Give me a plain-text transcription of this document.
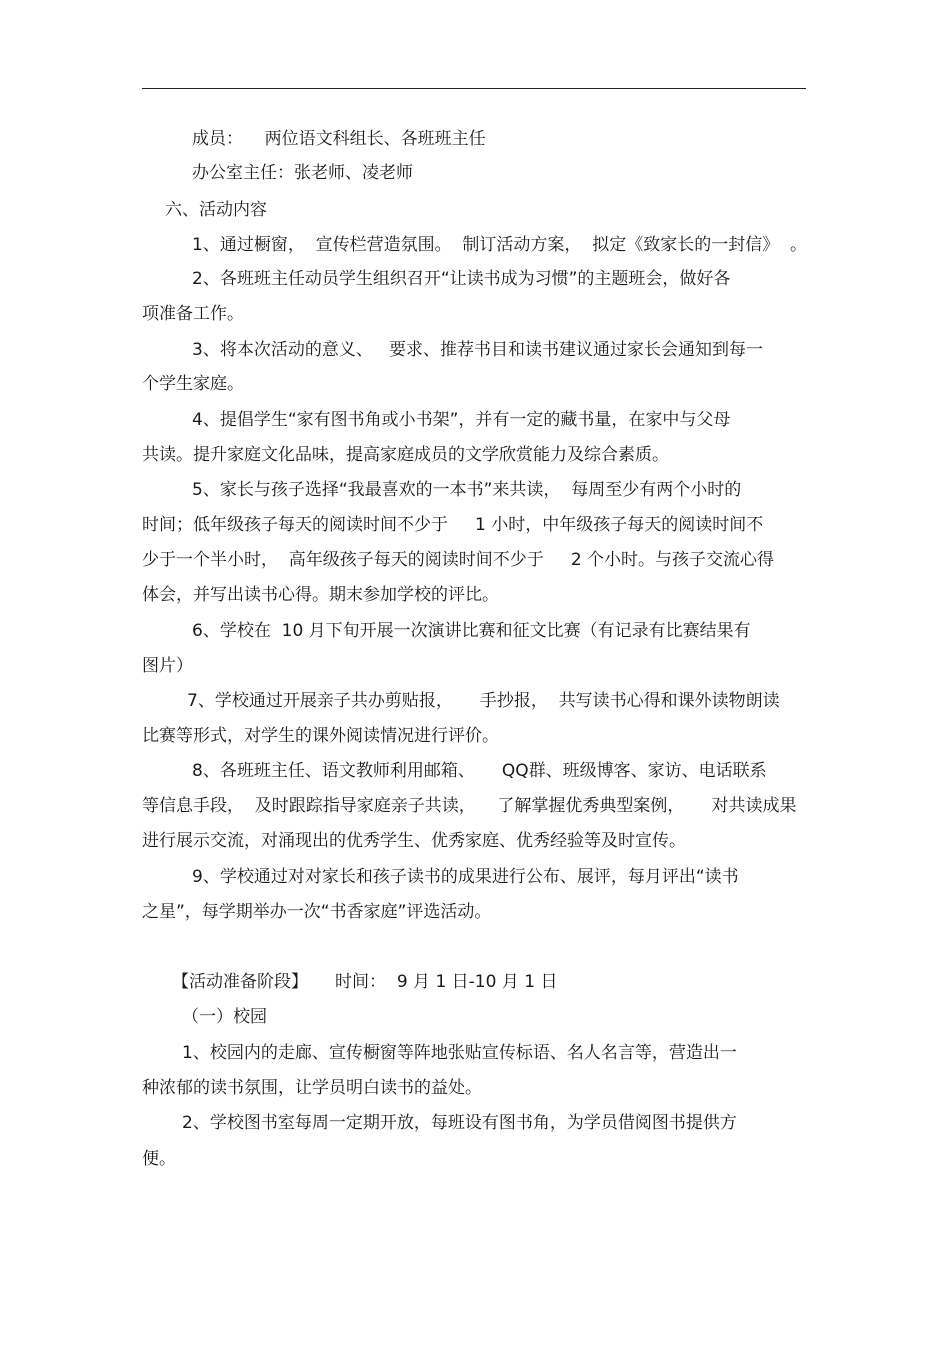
成员：    两位语文科组长、各班班主任
办公室主任：张老师、凌老师
六、活动内容
1、通过橱窗，  宣传栏营造氛围。  制订活动方案，  拟定《致家长的一封信》  。
2、各班班主任动员学生组织召开“让读书成为习惯”的主题班会，做好各
项准备工作。
3、将本次活动的意义、   要求、推荐书目和读书建议通过家长会通知到每一
个学生家庭。
4、提倡学生“家有图书角或小书架”，并有一定的藏书量，在家中与父母
共读。提升家庭文化品味，提高家庭成员的文学欣赏能力及综合素质。
5、家长与孩子选择“我最喜欢的一本书”来共读，  每周至少有两个小时的
时间；低年级孩子每天的阅读时间不少于     1 小时，中年级孩子每天的阅读时间不
少于一个半小时，  高年级孩子每天的阅读时间不少于     2 个小时。与孩子交流心得
体会，并写出读书心得。期末参加学校的评比。
6、学校在  10 月下旬开展一次演讲比赛和征文比赛（有记录有比赛结果有
图片）
7、学校通过开展亲子共办剪贴报，     手抄报，  共写读书心得和课外读物朗读
比赛等形式，对学生的课外阅读情况进行评价。
8、各班班主任、语文教师利用邮箱、     QQ群、班级博客、家访、电话联系
等信息手段，  及时跟踪指导家庭亲子共读，    了解掌握优秀典型案例，     对共读成果
进行展示交流，对涌现出的优秀学生、优秀家庭、优秀经验等及时宣传。
9、学校通过对对家长和孩子读书的成果进行公布、展评，每月评出“读书
之星”，每学期举办一次“书香家庭”评选活动。
【活动准备阶段】     时间：  9 月 1 日-10 月 1 日
（一）校园
1、校园内的走廊、宣传橱窗等阵地张贴宣传标语、名人名言等，营造出一
种浓郁的读书氛围，让学员明白读书的益处。
2、学校图书室每周一定期开放，每班设有图书角，为学员借阅图书提供方
便。
